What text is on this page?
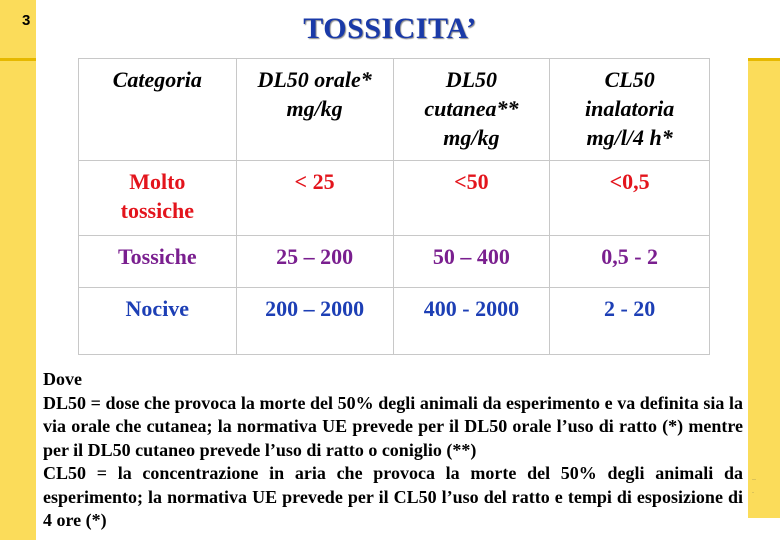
3
··
·
TOSSICITA’
Categoria	DL50 orale* mg/kg	DL50 cutanea** mg/kg	CL50 inalatoria mg/l/4 h*
Molto tossiche	< 25	<50	<0,5
Tossiche	25 – 200	50 – 400	0,5 - 2
Nocive	200 – 2000	400 - 2000	2 - 20

Dove

DL50 = dose che provoca la morte del 50% degli animali da esperimento e va definita sia la via orale che cutanea; la normativa UE prevede per il DL50 orale l’uso di ratto (*) mentre per il DL50 cutaneo prevede l’uso di ratto o coniglio (**)

CL50 = la concentrazione in aria che provoca la morte del 50% degli animali da esperimento; la normativa UE prevede per il CL50 l’uso del ratto e tempi di esposizione di 4 ore (*)
